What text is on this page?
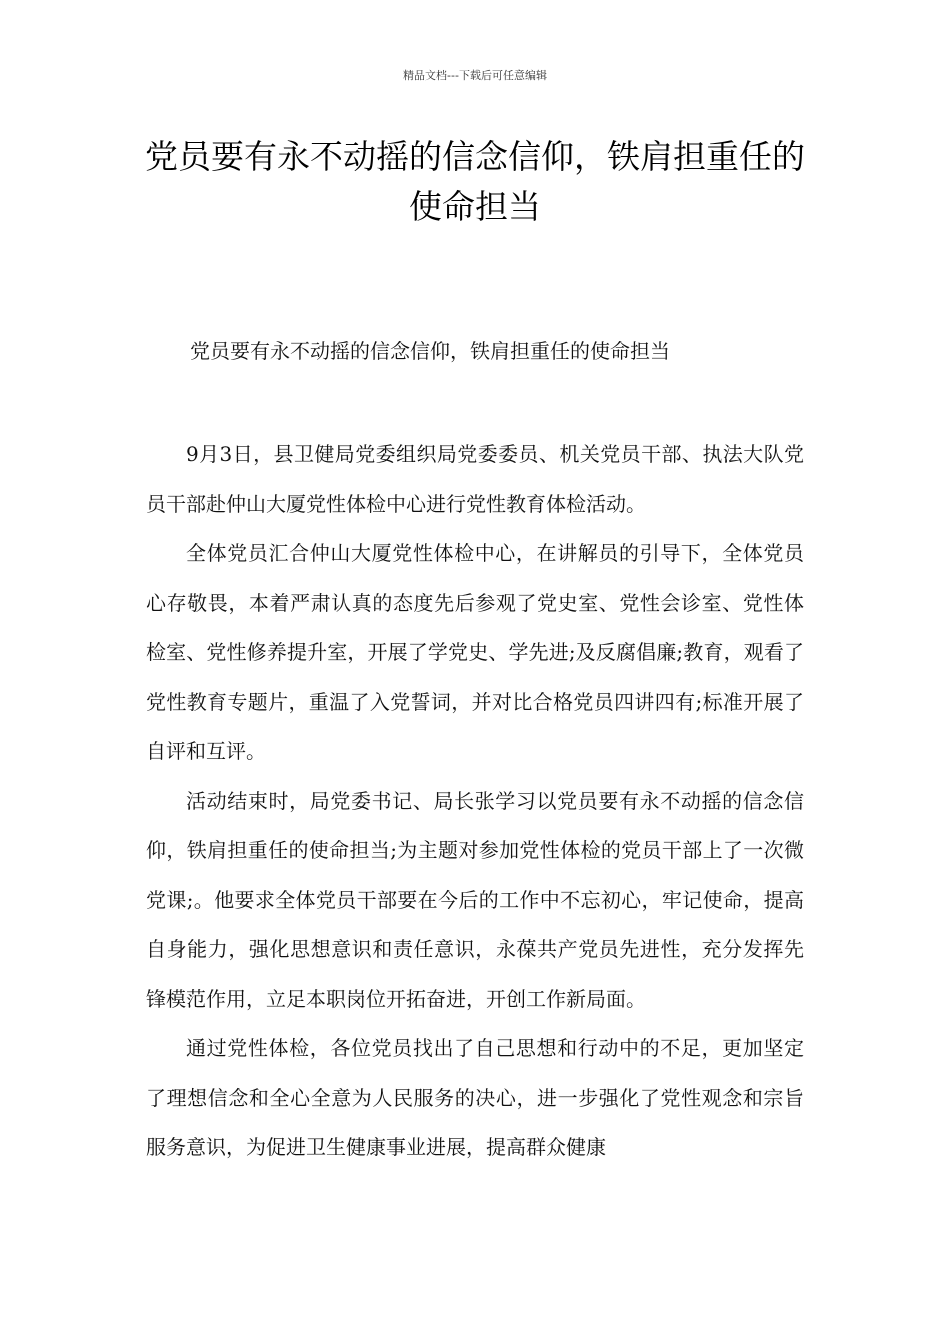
精品文档---下载后可任意编辑
党员要有永不动摇的信念信仰，铁肩担重任的使命担当

党员要有永不动摇的信念信仰，铁肩担重任的使命担当

9月3日，县卫健局党委组织局党委委员、机关党员干部、执法大队党员干部赴仲山大厦党性体检中心进行党性教育体检活动。

全体党员汇合仲山大厦党性体检中心，在讲解员的引导下，全体党员心存敬畏，本着严肃认真的态度先后参观了党史室、党性会诊室、党性体检室、党性修养提升室，开展了学党史、学先进;及反腐倡廉;教育，观看了党性教育专题片，重温了入党誓词，并对比合格党员四讲四有;标准开展了自评和互评。

活动结束时，局党委书记、局长张学习以党员要有永不动摇的信念信仰，铁肩担重任的使命担当;为主题对参加党性体检的党员干部上了一次微党课;。他要求全体党员干部要在今后的工作中不忘初心，牢记使命，提高自身能力，强化思想意识和责任意识，永葆共产党员先进性，充分发挥先锋模范作用，立足本职岗位开拓奋进，开创工作新局面。

通过党性体检，各位党员找出了自己思想和行动中的不足，更加坚定了理想信念和全心全意为人民服务的决心，进一步强化了党性观念和宗旨服务意识，为促进卫生健康事业进展，提高群众健康
